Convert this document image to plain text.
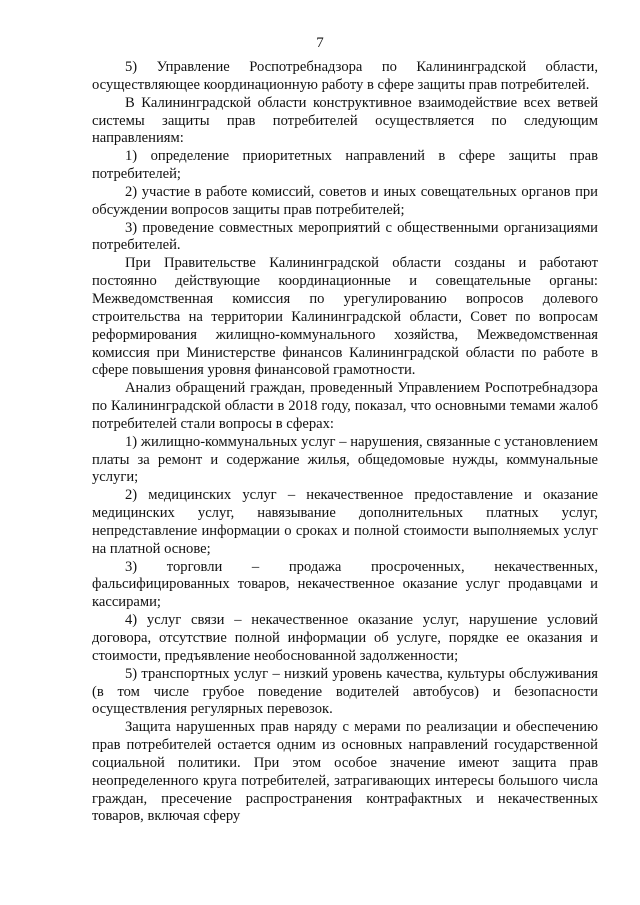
7

5) Управление Роспотребнадзора по Калининградской области, осуществляющее координационную работу в сфере защиты прав потребителей.

В Калининградской области конструктивное взаимодействие всех ветвей системы защиты прав потребителей осуществляется по следующим направлениям:

1) определение приоритетных направлений в сфере защиты прав потребителей;

2) участие в работе комиссий, советов и иных совещательных органов при обсуждении вопросов защиты прав потребителей;

3) проведение совместных мероприятий с общественными организациями потребителей.

При Правительстве Калининградской области созданы и работают постоянно действующие координационные и совещательные органы: Межведомственная комиссия по урегулированию вопросов долевого строительства на территории Калининградской области, Совет по вопросам реформирования жилищно-коммунального хозяйства, Межведомственная комиссия при Министерстве финансов Калининградской области по работе в сфере повышения уровня финансовой грамотности.

Анализ обращений граждан, проведенный Управлением Роспотребнадзора по Калининградской области в 2018 году, показал, что основными темами жалоб потребителей стали вопросы в сферах:

1) жилищно-коммунальных услуг – нарушения, связанные с установлением платы за ремонт и содержание жилья, общедомовые нужды, коммунальные услуги;

2) медицинских услуг – некачественное предоставление и оказание медицинских услуг, навязывание дополнительных платных услуг, непредставление информации о сроках и полной стоимости выполняемых услуг на платной основе;

3) торговли – продажа просроченных, некачественных, фальсифицированных товаров, некачественное оказание услуг продавцами и кассирами;

4) услуг связи – некачественное оказание услуг, нарушение условий договора, отсутствие полной информации об услуге, порядке ее оказания и стоимости, предъявление необоснованной задолженности;

5) транспортных услуг – низкий уровень качества, культуры обслуживания (в том числе грубое поведение водителей автобусов) и безопасности осуществления регулярных перевозок.

Защита нарушенных прав наряду с мерами по реализации и обеспечению прав потребителей остается одним из основных направлений государственной социальной политики. При этом особое значение имеют защита прав неопределенного круга потребителей, затрагивающих интересы большого числа граждан, пресечение распространения контрафактных и некачественных товаров, включая сферу
